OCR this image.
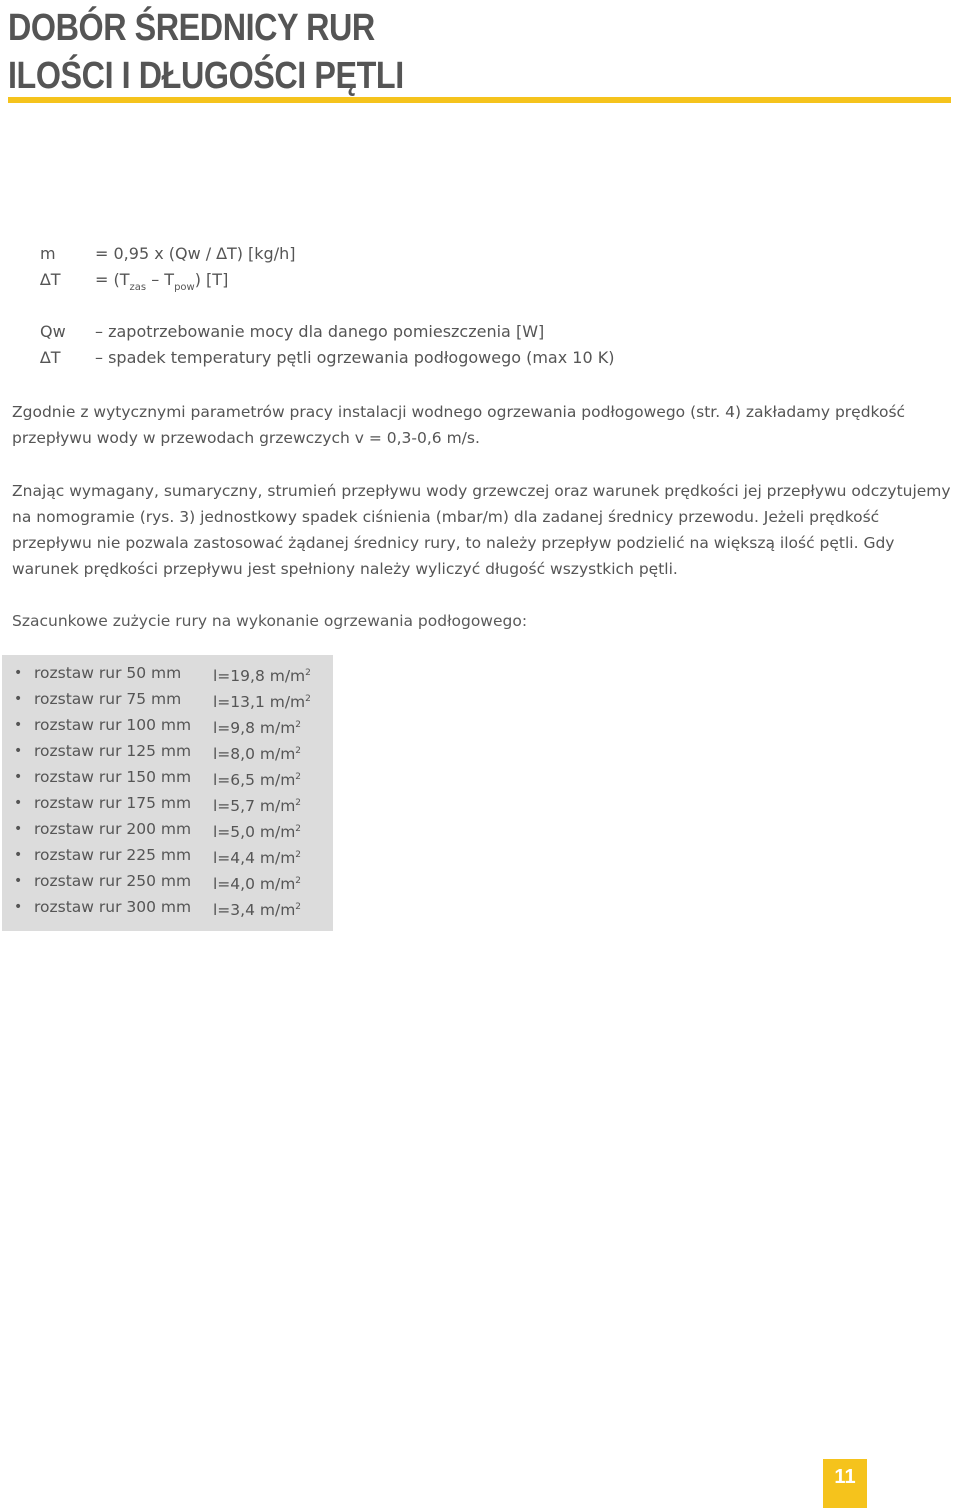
DOBÓR ŚREDNICY RUR
ILOŚCI I DŁUGOŚCI PĘTLI
m	= 0,95 x (Qw / ∆T) [kg/h]
∆T	= $(T_{zas} - T_{pow})$ [T]
Qw	– zapotrzebowanie mocy dla danego pomieszczenia [W]
∆T	– spadek temperatury pętli ogrzewania podłogowego (max 10 K)

Zgodnie z wytycznymi parametrów pracy instalacji wodnego ogrzewania podłogowego (str. 4) zakładamy prędkość przepływu wody w przewodach grzewczych v = 0,3-0,6 m/s.

Znając wymagany, sumaryczny, strumień przepływu wody grzewczej oraz warunek prędkości jej przepływu odczytujemy na nomogramie (rys. 3) jednostkowy spadek ciśnienia (mbar/m) dla zadanej średnicy przewodu. Jeżeli prędkość przepływu nie pozwala zastosować żądanej średnicy rury, to należy przepływ podzielić na większą ilość pętli. Gdy warunek prędkości przepływu jest spełniony należy wyliczyć długość wszystkich pętli.

Szacunkowe zużycie rury na wykonanie ogrzewania podłogowego:

• rozstaw rur 50 mm l=19,8 $m/m^2$
• rozstaw rur 75 mm l=13,1 $m/m^2$
• rozstaw rur 100 mm l=9,8 $m/m^2$
• rozstaw rur 125 mm l=8,0 $m/m^2$
• rozstaw rur 150 mm l=6,5 $m/m^2$
• rozstaw rur 175 mm l=5,7 $m/m^2$
• rozstaw rur 200 mm l=5,0 $m/m^2$
• rozstaw rur 225 mm l=4,4 $m/m^2$
• rozstaw rur 250 mm l=4,0 $m/m^2$
• rozstaw rur 300 mm l=3,4 $m/m^2$
11
